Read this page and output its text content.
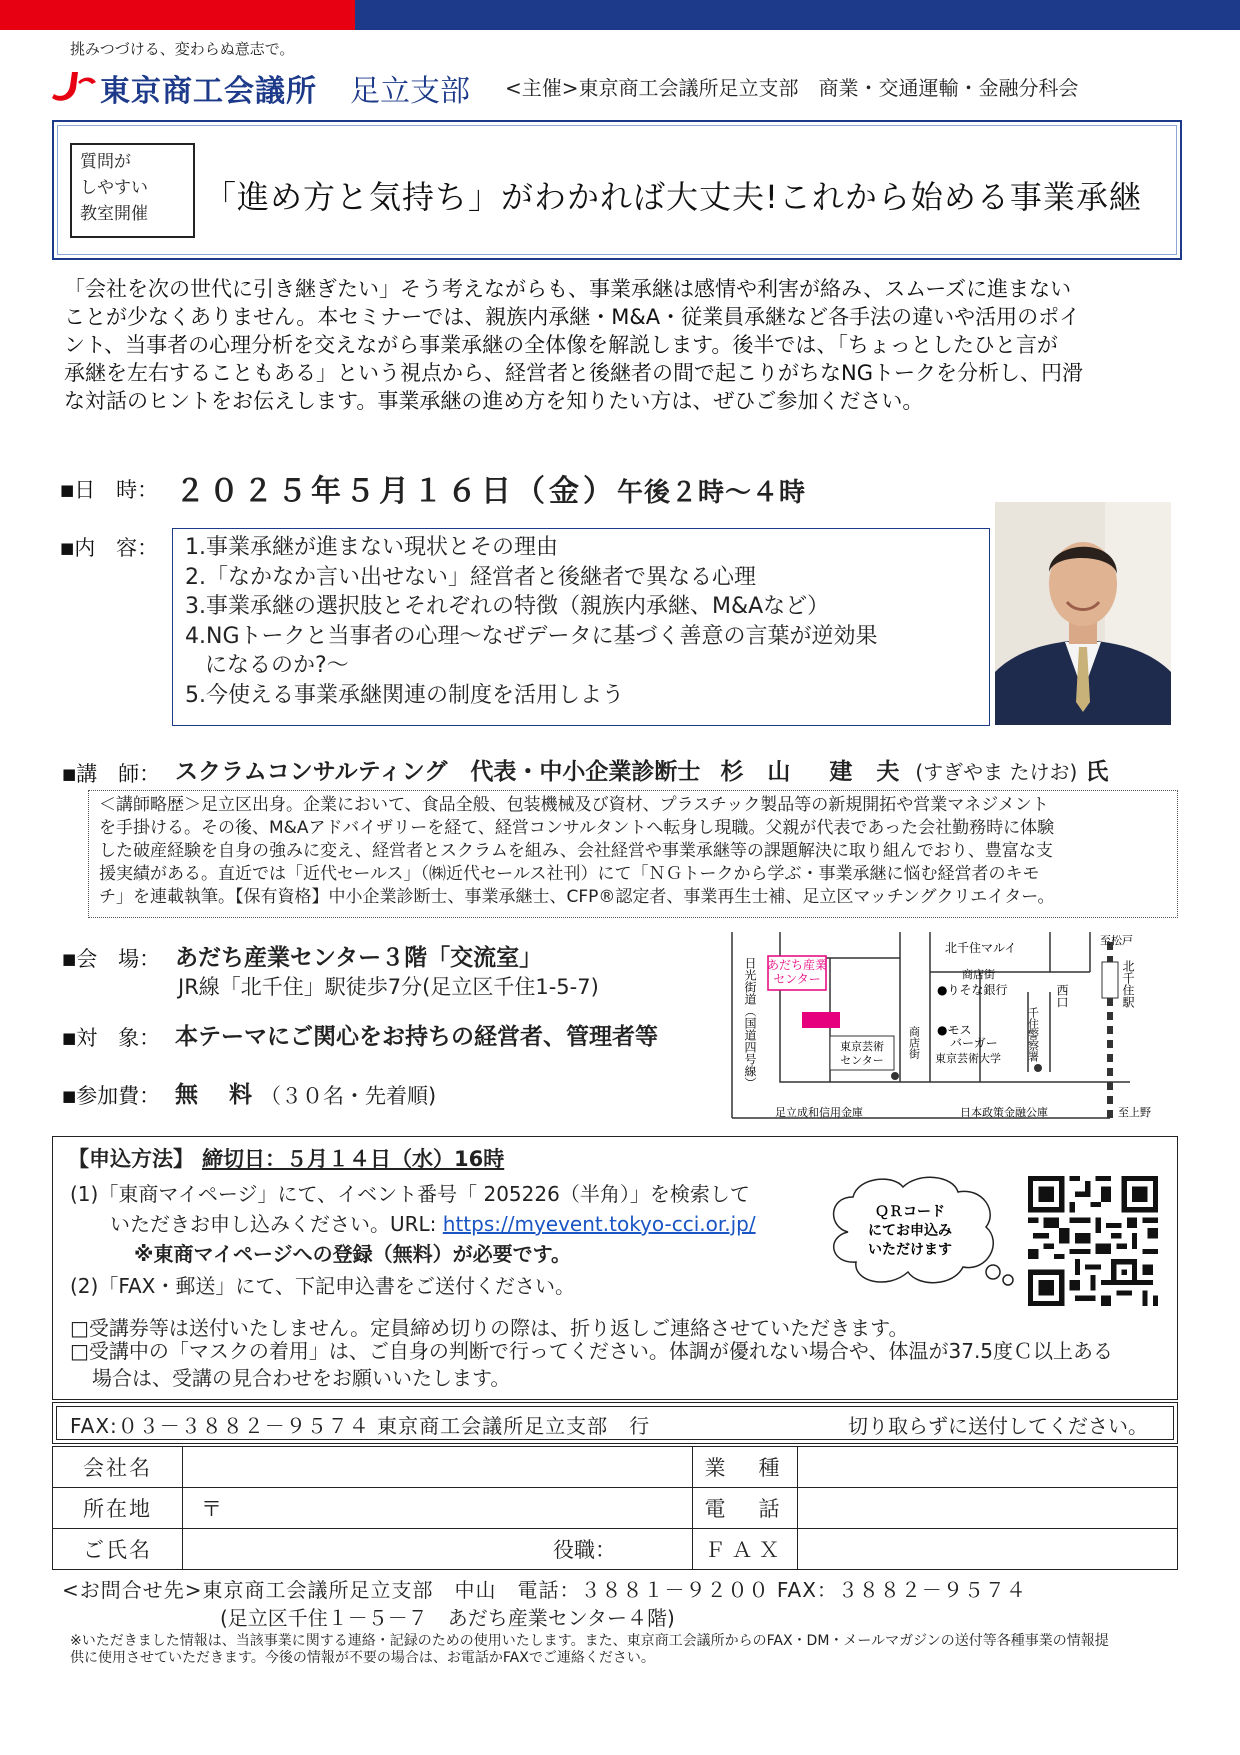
挑みつづける、変わらぬ意志で。
東京商工会議所 足立支部 <主催>東京商工会議所足立支部　商業・交通運輸・金融分科会
質問が
しやすい
教室開催	「進め方と気持ち」がわかれば大丈夫!これから始める事業承継
「会社を次の世代に引き継ぎたい」そう考えながらも、事業承継は感情や利害が絡み、スムーズに進まない
ことが少なくありません。本セミナーでは、親族内承継・M&A・従業員承継など各手法の違いや活用のポイ
ント、当事者の心理分析を交えながら事業承継の全体像を解説します。後半では、「ちょっとしたひと言が
承継を左右することもある」という視点から、経営者と後継者の間で起こりがちなNGトークを分析し、円滑
な対話のヒントをお伝えします。事業承継の進め方を知りたい方は、ぜひご参加ください。
■日　時： ２０２５年５月１６日（金）午後２時～４時
■内　容： 1.事業承継が進まない現状とその理由
2.「なかなか言い出せない」経営者と後継者で異なる心理
3.事業承継の選択肢とそれぞれの特徴（親族内承継、M&Aなど）
4.NGトークと当事者の心理～なぜデータに基づく善意の言葉が逆効果
になるのか?～
5.今使える事業承継関連の制度を活用しよう
■講　師： スクラムコンサルティング　代表・中小企業診断士 杉 山　建 夫 (すぎやま たけお) 氏
＜講師略歴＞足立区出身。企業において、食品全般、包装機械及び資材、プラスチック製品等の新規開拓や営業マネジメント
を手掛ける。その後、M&Aアドバイザリーを経て、経営コンサルタントへ転身し現職。父親が代表であった会社勤務時に体験
した破産経験を自身の強みに変え、経営者とスクラムを組み、会社経営や事業承継等の課題解決に取り組んでおり、豊富な支
援実績がある。直近では「近代セールス」（㈱近代セールス社刊）にて「ＮＧトークから学ぶ・事業承継に悩む経営者のキモ
チ」を連載執筆。【保有資格】中小企業診断士、事業承継士、CFP®認定者、事業再生士補、足立区マッチングクリエイター。
■会　場： あだち産業センター３階「交流室」
JR線「北千住」駅徒歩7分(足立区千住1-5-7)
■対　象： 本テーマにご関心をお持ちの経営者、管理者等
■参加費： 無　料 （３０名・先着順)
あだち産業
センター
東京芸術
センター
日光街道（国道四号線）	商店街
北千住マルイ
商店街
●りそな銀行	西口
●モス
バーガー
東京芸術大学 千住警察署
足立成和信用金庫	日本政策金融公庫
至松戸
北千住駅
至上野
【申込方法】 締切日：５月１４日（水）16時
(1)「東商マイページ」にて、イベント番号「 205226（半角）」を検索して
いただきお申し込みください。URL: https://myevent.tokyo-cci.or.jp/
※東商マイページへの登録（無料）が必要です。
(2)「FAX・郵送」にて、下記申込書をご送付ください。
□受講券等は送付いたしません。定員締め切りの際は、折り返しご連絡させていただきます。
□受講中の「マスクの着用」は、ご自身の判断で行ってください。体調が優れない場合や、体温が37.5度Ｃ以上ある
場合は、受講の見合わせをお願いいたします。
ＱＲコード
にてお申込み
いただけます
FAX:０３－３８８２－９５７４ 東京商工会議所足立支部　行	切り取らずに送付してください。
会社名		業　種	
所在地	〒	電　話	
ご氏名	役職：	ＦＡＸ	
<お問合せ先>東京商工会議所足立支部　中山　電話：３８８１－９２００ FAX：３８８２－９５７４
(足立区千住１－５－７　あだち産業センター４階)
※いただきました情報は、当該事業に関する連絡・記録のための使用いたします。また、東京商工会議所からのFAX・DM・メールマガジンの送付等各種事業の情報提
供に使用させていただきます。今後の情報が不要の場合は、お電話かFAXでご連絡ください。
